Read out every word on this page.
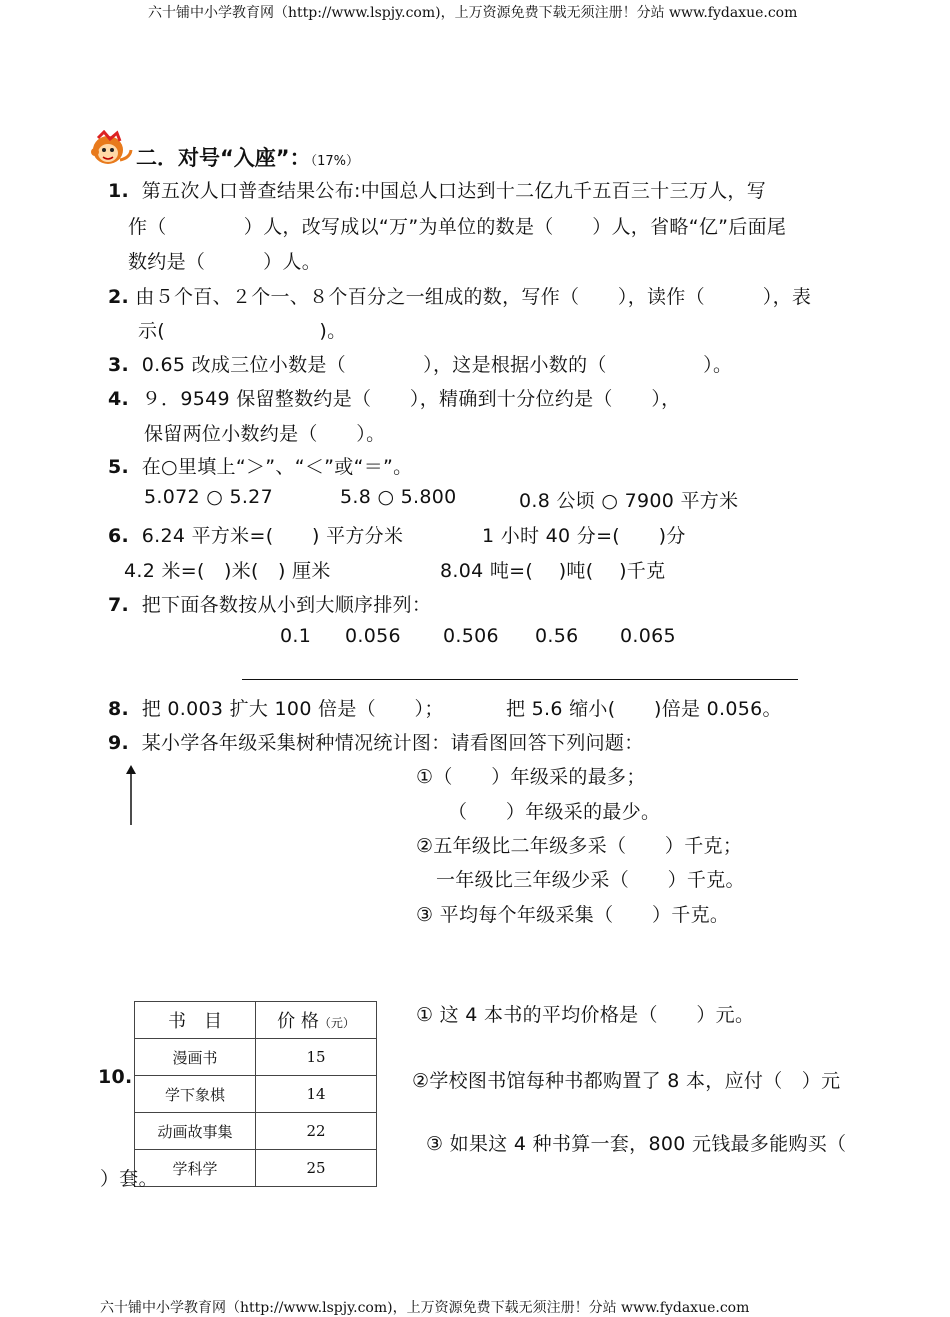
六十铺中小学教育网（http://www.lspjy.com)，上万资源免费下载无须注册！分站 www.fydaxue.com
六十铺中小学教育网（http://www.lspjy.com)，上万资源免费下载无须注册！分站 www.fydaxue.com
二．对号“入座”：（17%）
1. 第五次人口普查结果公布:中国总人口达到十二亿九千五百三十三万人，写
作（　　　　）人，改写成以“万”为单位的数是（　　）人，省略“亿”后面尾
数约是（　　　）人。
2. 由５个百、２个一、８个百分之一组成的数，写作（　　），读作（　　　），表
示(　　　　　　　　)。
3. 0.65 改成三位小数是（　　　　），这是根据小数的（　　　　　）。
4. ９．9549 保留整数约是（　　），精确到十分位约是（　　），
保留两位小数约是（　　）。
5. 在○里填上“＞”、“＜”或“＝”。
5.072 ○ 5.27	5.8 ○ 5.800	0.8 公顷 ○ 7900 平方米
6. 6.24 平方米=(　　) 平方分米	1 小时 40 分=(　　)分
4.2 米=(　)米(　) 厘米	8.04 吨=(　 )吨(　 )千克
7. 把下面各数按从小到大顺序排列：
0.1 0.056 0.506 0.56 0.065
8. 把 0.003 扩大 100 倍是（　　）；	把 5.6 缩小(　　)倍是 0.056。
9. 某小学各年级采集树种情况统计图：请看图回答下列问题：
①（　　）年级采的最多；
（　　）年级采的最少。
②五年级比二年级多采（　　）千克；
一年级比三年级少采（　　）千克。
③ 平均每个年级采集（　　）千克。
10.
书　目	价 格（元）
漫画书	15
学下象棋	14
动画故事集	22
学科学	25
① 这 4 本书的平均价格是（　　）元。
②学校图书馆每种书都购置了 8 本，应付（　）元
③ 如果这 4 种书算一套，800 元钱最多能购买（
）套。
